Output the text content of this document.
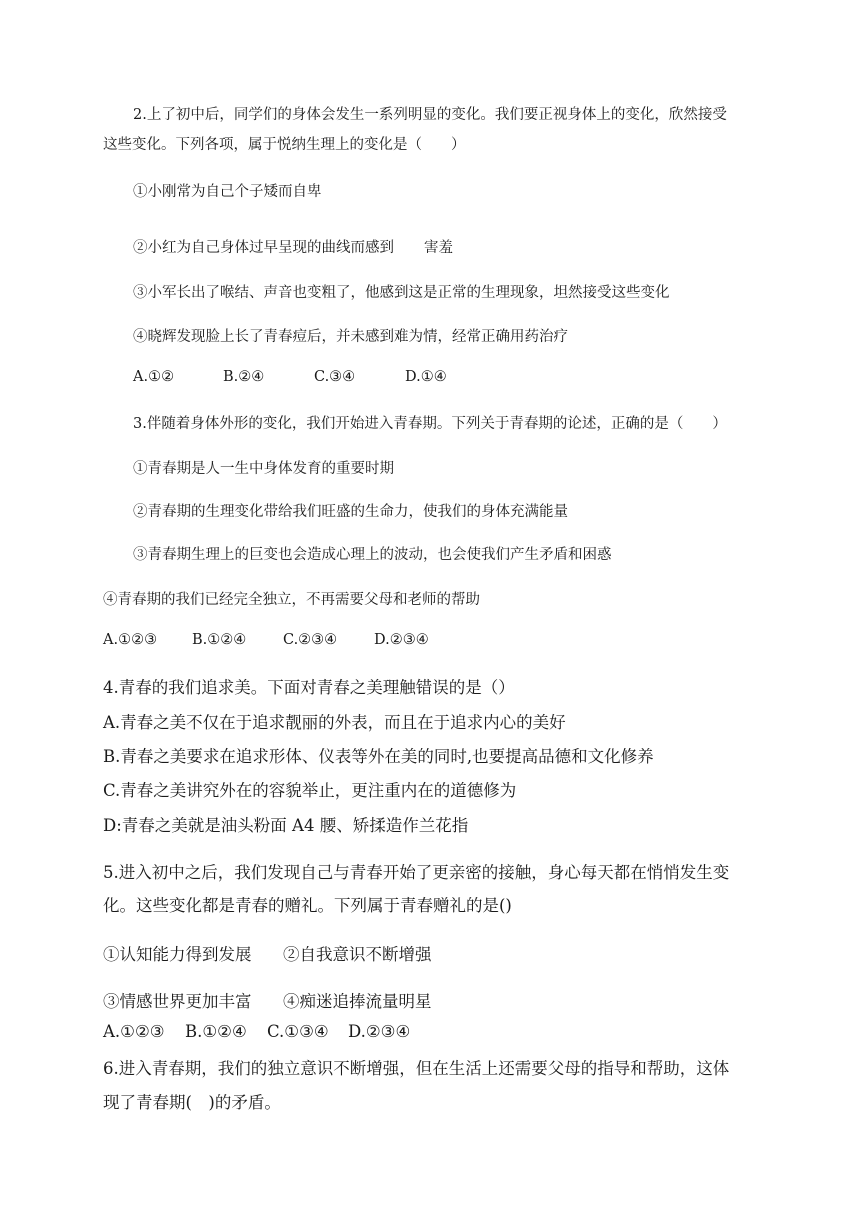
2.上了初中后，同学们的身体会发生一系列明显的变化。我们要正视身体上的变化，欣然接受
这些变化。下列各项，属于悦纳生理上的变化是（　　）
①小刚常为自己个子矮而自卑
②小红为自己身体过早呈现的曲线而感到 害羞
③小军长出了喉结、声音也变粗了，他感到这是正常的生理现象，坦然接受这些变化
④晓辉发现脸上长了青春痘后，并未感到难为情，经常正确用药治疗
A.①②	B.②④	C.③④	D.①④
3.伴随着身体外形的变化，我们开始进入青春期。下列关于青春期的论述，正确的是（　　）
①青春期是人一生中身体发育的重要时期
②青春期的生理变化带给我们旺盛的生命力，使我们的身体充满能量
③青春期生理上的巨变也会造成心理上的波动，也会使我们产生矛盾和困惑
④青春期的我们已经完全独立，不再需要父母和老师的帮助
A.①②③ B.①②④	C.②③④	D.②③④
4.青春的我们追求美。下面对青春之美理触错误的是（）
A.青春之美不仅在于追求靓丽的外表，而且在于追求内心的美好
B.青春之美要求在追求形体、仪表等外在美的同时,也要提高品德和文化修养
C.青春之美讲究外在的容貌举止，更注重内在的道德修为
D:青春之美就是油头粉面 A4 腰、矫揉造作兰花指
5.进入初中之后，我们发现自己与青春开始了更亲密的接触，身心每天都在悄悄发生变
化。这些变化都是青春的赠礼。下列属于青春赠礼的是()
①认知能力得到发展 ②自我意识不断增强
③情感世界更加丰富 ④痴迷追捧流量明星
A.①②③ B.①②④ C.①③④ D.②③④
6.进入青春期，我们的独立意识不断增强，但在生活上还需要父母的指导和帮助，这体
现了青春期(　)的矛盾。
